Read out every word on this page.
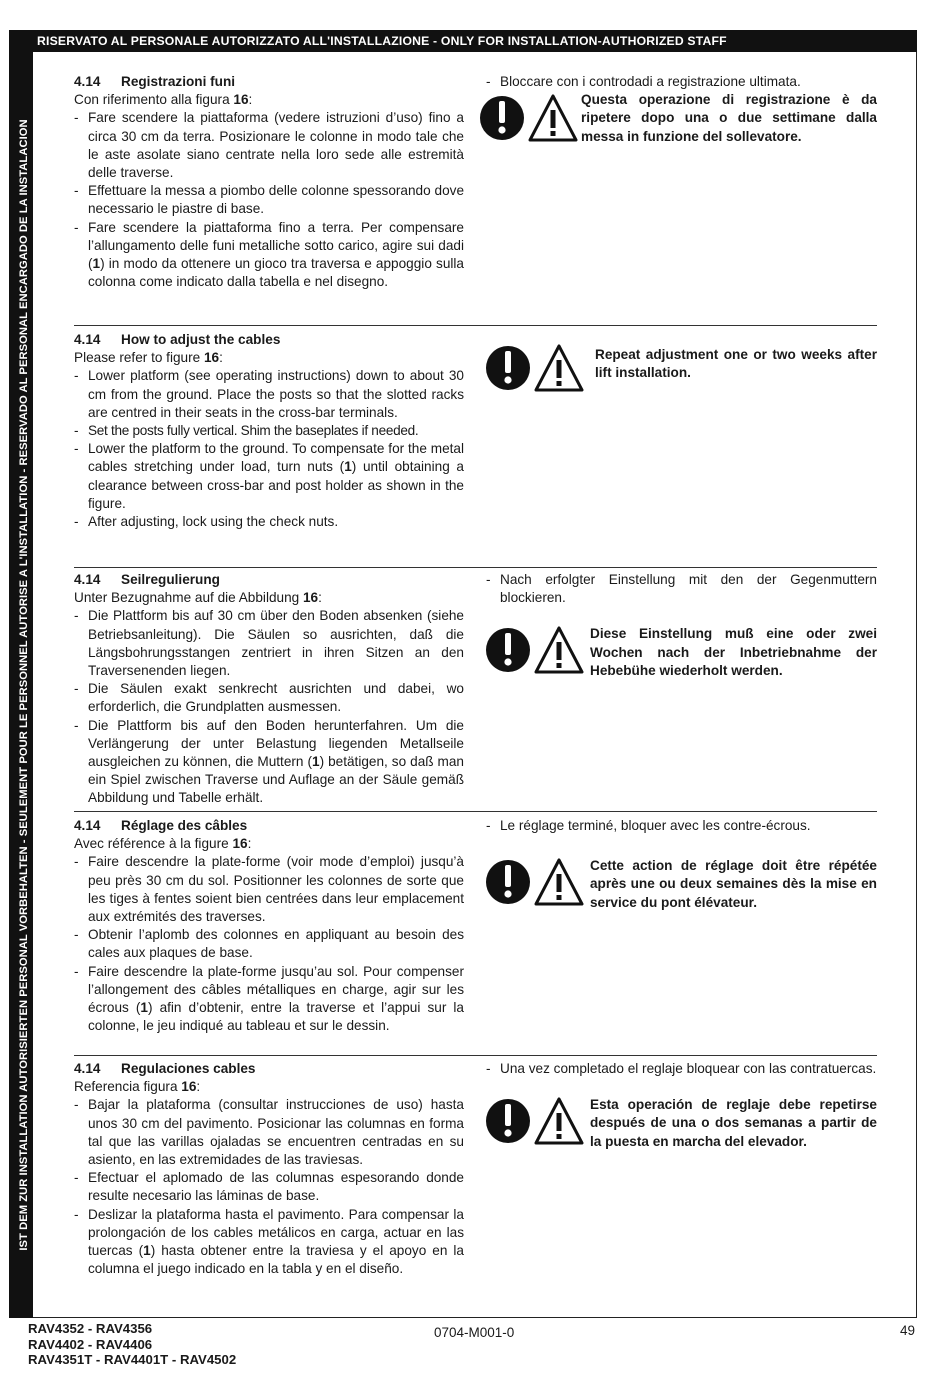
RISERVATO AL PERSONALE AUTORIZZATO ALL'INSTALLAZIONE - ONLY FOR INSTALLATION-AUTHORIZED STAFF
IST DEM ZUR INSTALLATION AUTORISIERTEN PERSONAL VORBEHALTEN - SEULEMENT POUR LE PERSONNEL AUTORISE A L'INSTALLATION - RESERVADO AL PERSONAL ENCARGADO DE LA INSTALACION
4.14 Registrazioni funi
Con riferimento alla figura 16:
- Fare scendere la piattaforma (vedere istruzioni d’uso) fino a circa 30 cm da terra. Posizionare le colonne in modo tale che le aste asolate siano centrate nella loro sede alle estremità delle traverse.
- Effettuare la messa a piombo delle colonne spessorando dove necessario le piastre di base.
- Fare scendere la piattaforma fino a terra. Per compensare l’allungamento delle funi metalliche sotto carico, agire sui dadi (1) in modo da ottenere un gioco tra traversa e appoggio sulla colonna come indicato dalla tabella e nel disegno.
- Bloccare con i controdadi a registrazione ultimata.
Questa operazione di registrazione è da ripetere dopo una o due settimane dalla messa in funzione del sollevatore.
4.14 How to adjust the cables
Please refer to figure 16:
- Lower platform (see operating instructions) down to about 30 cm from the ground. Place the posts so that the slotted racks are centred in their seats in the cross-bar terminals.
- Set the posts fully vertical. Shim the baseplates if needed.
- Lower the platform to the ground. To compensate for the metal cables stretching under load, turn nuts (1) until obtaining a clearance between cross-bar and post holder as shown in the figure.
- After adjusting, lock using the check nuts.
Repeat adjustment one or two weeks after lift installation.
4.14 Seilregulierung
Unter Bezugnahme auf die Abbildung 16:
- Die Plattform bis auf 30 cm über den Boden absenken (siehe Betriebsanleitung). Die Säulen so ausrichten, daß die Längsbohrungsstangen zentriert in ihren Sitzen an den Traversenenden liegen.
- Die Säulen exakt senkrecht ausrichten und dabei, wo erforderlich, die Grundplatten ausmessen.
- Die Plattform bis auf den Boden herunterfahren. Um die Verlängerung der unter Belastung liegenden Metallseile ausgleichen zu können, die Muttern (1) betätigen, so daß man ein Spiel zwischen Traverse und Auflage an der Säule gemäß Abbildung und Tabelle erhält.
- Nach erfolgter Einstellung mit den der Gegenmuttern blockieren.
Diese Einstellung muß eine oder zwei Wochen nach der Inbetriebnahme der Hebebühe wiederholt werden.
4.14 Réglage des câbles
Avec référence à la figure 16:
- Faire descendre la plate-forme (voir mode d’emploi) jusqu’à peu près 30 cm du sol. Positionner les colonnes de sorte que les tiges à fentes soient bien centrées dans leur emplacement aux extrémités des traverses.
- Obtenir l’aplomb des colonnes en appliquant au besoin des cales aux plaques de base.
- Faire descendre la plate-forme jusqu’au sol. Pour compenser l’allongement des câbles métalliques en charge, agir sur les écrous (1) afin d’obtenir, entre la traverse et l’appui sur la colonne, le jeu indiqué au tableau et sur le dessin.
- Le réglage terminé, bloquer avec les contre-écrous.
Cette action de réglage doit être répétée après une ou deux semaines dès la mise en service du pont élévateur.
4.14 Regulaciones cables
Referencia figura 16:
- Bajar la plataforma (consultar instrucciones de uso) hasta unos 30 cm del pavimento. Posicionar las columnas en forma tal que las varillas ojaladas se encuentren centradas en su asiento, en las extremidades de las traviesas.
- Efectuar el aplomado de las columnas espesorando donde resulte necesario las láminas de base.
- Deslizar la plataforma hasta el pavimento. Para compensar la prolongación de los cables metálicos en carga, actuar en las tuercas (1) hasta obtener entre la traviesa y el apoyo en la columna el juego indicado en la tabla y en el diseño.
- Una vez completado el reglaje bloquear con las contratuercas.
Esta operación de reglaje debe repetirse después de una o dos semanas a partir de la puesta en marcha del elevador.
RAV4352 - RAV4356
RAV4402 - RAV4406
RAV4351T - RAV4401T - RAV4502
0704-M001-0	49
